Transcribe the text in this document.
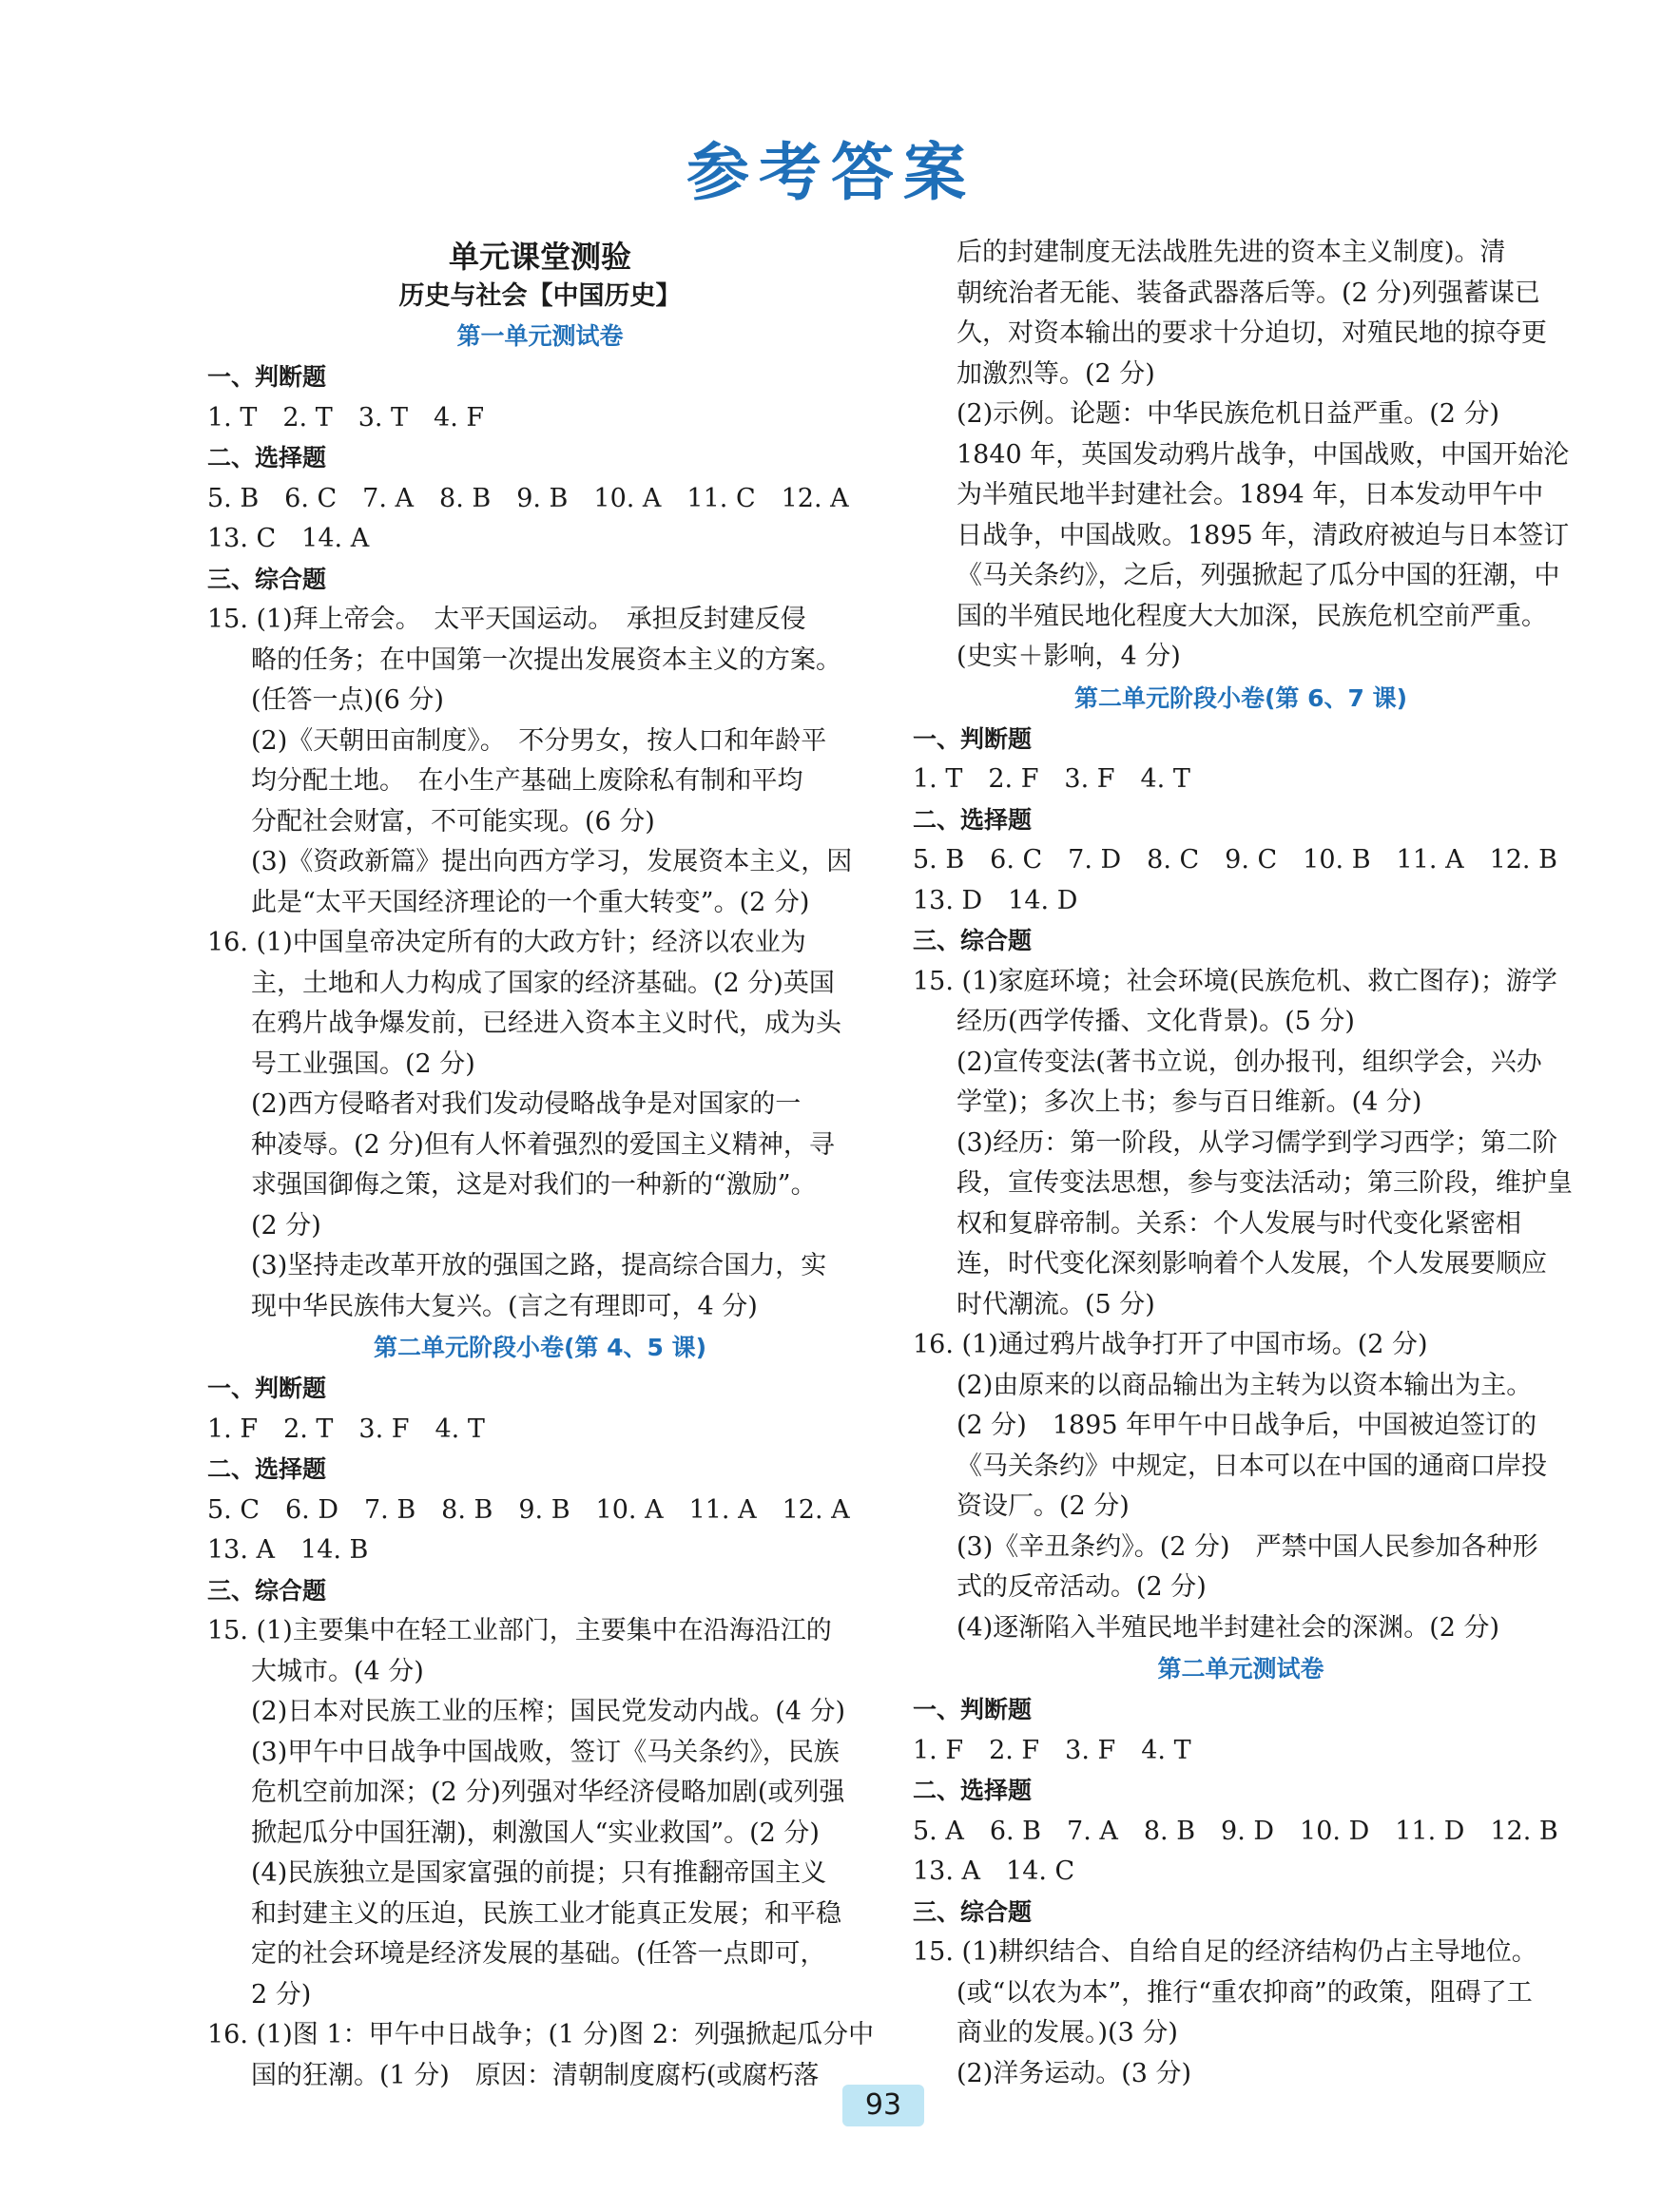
参考答案
单元课堂测验
历史与社会【中国历史】
第一单元测试卷
一、判断题
1. T　2. T　3. T　4. F
二、选择题
5. B　6. C　7. A　8. B　9. B　10. A　11. C　12. A
13. C　14. A
三、综合题
15. (1)拜上帝会。　太平天国运动。　承担反封建反侵
略的任务；在中国第一次提出发展资本主义的方案。
(任答一点)(6 分)
(2)《天朝田亩制度》。　不分男女，按人口和年龄平
均分配土地。　在小生产基础上废除私有制和平均
分配社会财富，不可能实现。(6 分)
(3)《资政新篇》提出向西方学习，发展资本主义，因
此是“太平天国经济理论的一个重大转变”。(2 分)
16. (1)中国皇帝决定所有的大政方针；经济以农业为
主，土地和人力构成了国家的经济基础。(2 分)英国
在鸦片战争爆发前，已经进入资本主义时代，成为头
号工业强国。(2 分)
(2)西方侵略者对我们发动侵略战争是对国家的一
种凌辱。(2 分)但有人怀着强烈的爱国主义精神，寻
求强国御侮之策，这是对我们的一种新的“激励”。
(2 分)
(3)坚持走改革开放的强国之路，提高综合国力，实
现中华民族伟大复兴。(言之有理即可，4 分)
第二单元阶段小卷(第 4、5 课)
一、判断题
1. F　2. T　3. F　4. T
二、选择题
5. C　6. D　7. B　8. B　9. B　10. A　11. A　12. A
13. A　14. B
三、综合题
15. (1)主要集中在轻工业部门，主要集中在沿海沿江的
大城市。(4 分)
(2)日本对民族工业的压榨；国民党发动内战。(4 分)
(3)甲午中日战争中国战败，签订《马关条约》，民族
危机空前加深；(2 分)列强对华经济侵略加剧(或列强
掀起瓜分中国狂潮)，刺激国人“实业救国”。(2 分)
(4)民族独立是国家富强的前提；只有推翻帝国主义
和封建主义的压迫，民族工业才能真正发展；和平稳
定的社会环境是经济发展的基础。(任答一点即可，
2 分)
16. (1)图 1：甲午中日战争；(1 分)图 2：列强掀起瓜分中
国的狂潮。(1 分)　原因：清朝制度腐朽(或腐朽落
后的封建制度无法战胜先进的资本主义制度)。清
朝统治者无能、装备武器落后等。(2 分)列强蓄谋已
久，对资本输出的要求十分迫切，对殖民地的掠夺更
加激烈等。(2 分)
(2)示例。论题：中华民族危机日益严重。(2 分)
1840 年，英国发动鸦片战争，中国战败，中国开始沦
为半殖民地半封建社会。1894 年，日本发动甲午中
日战争，中国战败。1895 年，清政府被迫与日本签订
《马关条约》，之后，列强掀起了瓜分中国的狂潮，中
国的半殖民地化程度大大加深，民族危机空前严重。
(史实＋影响，4 分)
第二单元阶段小卷(第 6、7 课)
一、判断题
1. T　2. F　3. F　4. T
二、选择题
5. B　6. C　7. D　8. C　9. C　10. B　11. A　12. B
13. D　14. D
三、综合题
15. (1)家庭环境；社会环境(民族危机、救亡图存)；游学
经历(西学传播、文化背景)。(5 分)
(2)宣传变法(著书立说，创办报刊，组织学会，兴办
学堂)；多次上书；参与百日维新。(4 分)
(3)经历：第一阶段，从学习儒学到学习西学；第二阶
段，宣传变法思想，参与变法活动；第三阶段，维护皇
权和复辟帝制。关系：个人发展与时代变化紧密相
连，时代变化深刻影响着个人发展，个人发展要顺应
时代潮流。(5 分)
16. (1)通过鸦片战争打开了中国市场。(2 分)
(2)由原来的以商品输出为主转为以资本输出为主。
(2 分)　1895 年甲午中日战争后，中国被迫签订的
《马关条约》中规定，日本可以在中国的通商口岸投
资设厂。(2 分)
(3)《辛丑条约》。(2 分)　严禁中国人民参加各种形
式的反帝活动。(2 分)
(4)逐渐陷入半殖民地半封建社会的深渊。(2 分)
第二单元测试卷
一、判断题
1. F　2. F　3. F　4. T
二、选择题
5. A　6. B　7. A　8. B　9. D　10. D　11. D　12. B
13. A　14. C
三、综合题
15. (1)耕织结合、自给自足的经济结构仍占主导地位。
(或“以农为本”，推行“重农抑商”的政策，阻碍了工
商业的发展。)(3 分)
(2)洋务运动。(3 分)
93
